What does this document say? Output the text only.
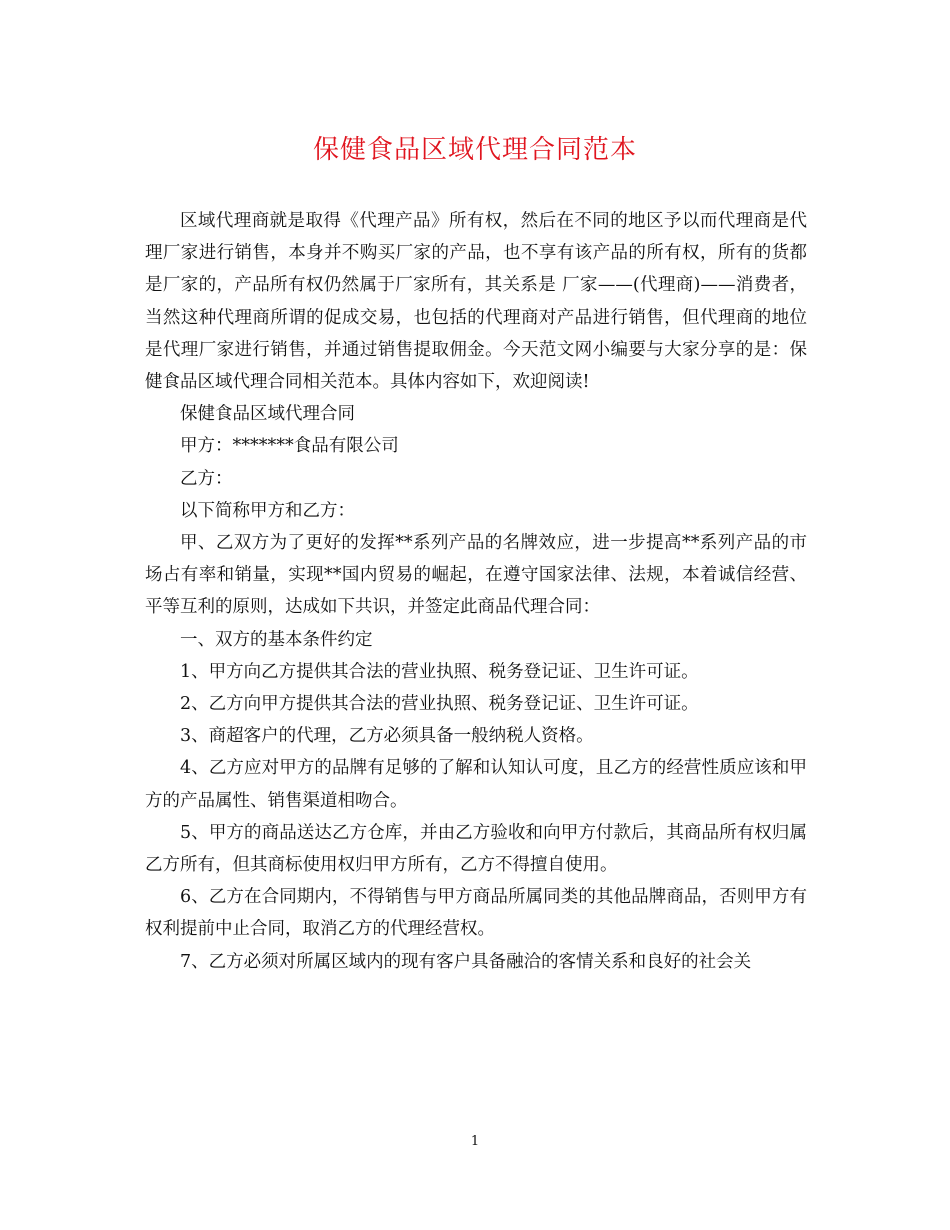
保健食品区域代理合同范本

区域代理商就是取得《代理产品》所有权，然后在不同的地区予以而代理商是代理厂家进行销售，本身并不购买厂家的产品，也不享有该产品的所有权，所有的货都是厂家的，产品所有权仍然属于厂家所有，其关系是 厂家——(代理商)——消费者，当然这种代理商所谓的促成交易，也包括的代理商对产品进行销售，但代理商的地位是代理厂家进行销售，并通过销售提取佣金。今天范文网小编要与大家分享的是：保健食品区域代理合同相关范本。具体内容如下，欢迎阅读!

保健食品区域代理合同

甲方：*******食品有限公司

乙方：

以下简称甲方和乙方：

甲、乙双方为了更好的发挥**系列产品的名牌效应，进一步提高**系列产品的市场占有率和销量，实现**国内贸易的崛起，在遵守国家法律、法规，本着诚信经营、平等互利的原则，达成如下共识，并签定此商品代理合同：

一、双方的基本条件约定

1、甲方向乙方提供其合法的营业执照、税务登记证、卫生许可证。

2、乙方向甲方提供其合法的营业执照、税务登记证、卫生许可证。

3、商超客户的代理，乙方必须具备一般纳税人资格。

4、乙方应对甲方的品牌有足够的了解和认知认可度，且乙方的经营性质应该和甲方的产品属性、销售渠道相吻合。

5、甲方的商品送达乙方仓库，并由乙方验收和向甲方付款后，其商品所有权归属乙方所有，但其商标使用权归甲方所有，乙方不得擅自使用。

6、乙方在合同期内，不得销售与甲方商品所属同类的其他品牌商品，否则甲方有权利提前中止合同，取消乙方的代理经营权。

7、乙方必须对所属区域内的现有客户具备融洽的客情关系和良好的社会关

1
